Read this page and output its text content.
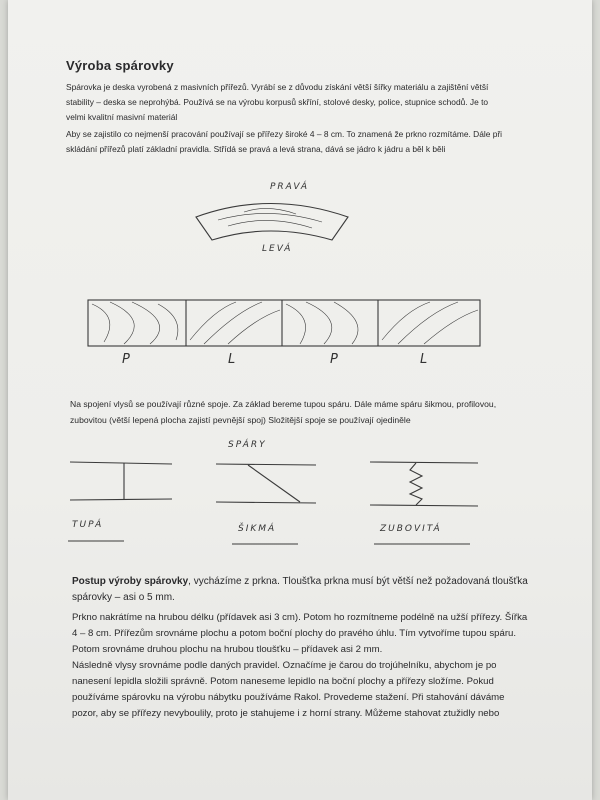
Výroba spárovky

Spárovka je deska vyrobená z masivních přířezů. Vyrábí se z důvodu získání větší šířky materiálu a zajištění větší stability – deska se neprohýbá. Používá se na výrobu korpusů skříní, stolové desky, police, stupnice schodů. Je to velmi kvalitní masivní materiál

Aby se zajistilo co nejmenší pracování používají se přířezy široké 4 – 8 cm. To znamená že prkno rozmítáme. Dále při skládání přířezů platí základní pravidla. Střídá se pravá a levá strana, dává se jádro k jádru a běl k běli

PRAVÁ
LEVÁ
P	L	P	L

Na spojení vlysů se používají různé spoje. Za základ bereme tupou spáru. Dále máme spáru šikmou, profilovou, zubovitou (větší lepená plocha zajistí pevnější spoj) Složitější spoje se používají ojediněle

SPÁRY
TUPÁ	ŠIKMÁ	ZUBOVITÁ

Postup výroby spárovky, vycházíme z prkna. Tloušťka prkna musí být větší než požadovaná tloušťka spárovky – asi o 5 mm.

Prkno nakrátíme na hrubou délku (přídavek asi 3 cm). Potom ho rozmítneme podélně na užší přířezy. Šířka 4 – 8 cm. Přířezům srovnáme plochu a potom boční plochy do pravého úhlu. Tím vytvoříme tupou spáru. Potom srovnáme druhou plochu na hrubou tloušťku – přídavek asi 2 mm.

Následně vlysy srovnáme podle daných pravidel. Označíme je čarou do trojúhelníku, abychom je po nanesení lepidla složili správně. Potom naneseme lepidlo na boční plochy a přířezy složíme. Pokud používáme spárovku na výrobu nábytku používáme Rakol. Provedeme stažení. Při stahování dáváme pozor, aby se přířezy nevyboulily, proto je stahujeme i z horní strany. Můžeme stahovat ztužidly nebo
